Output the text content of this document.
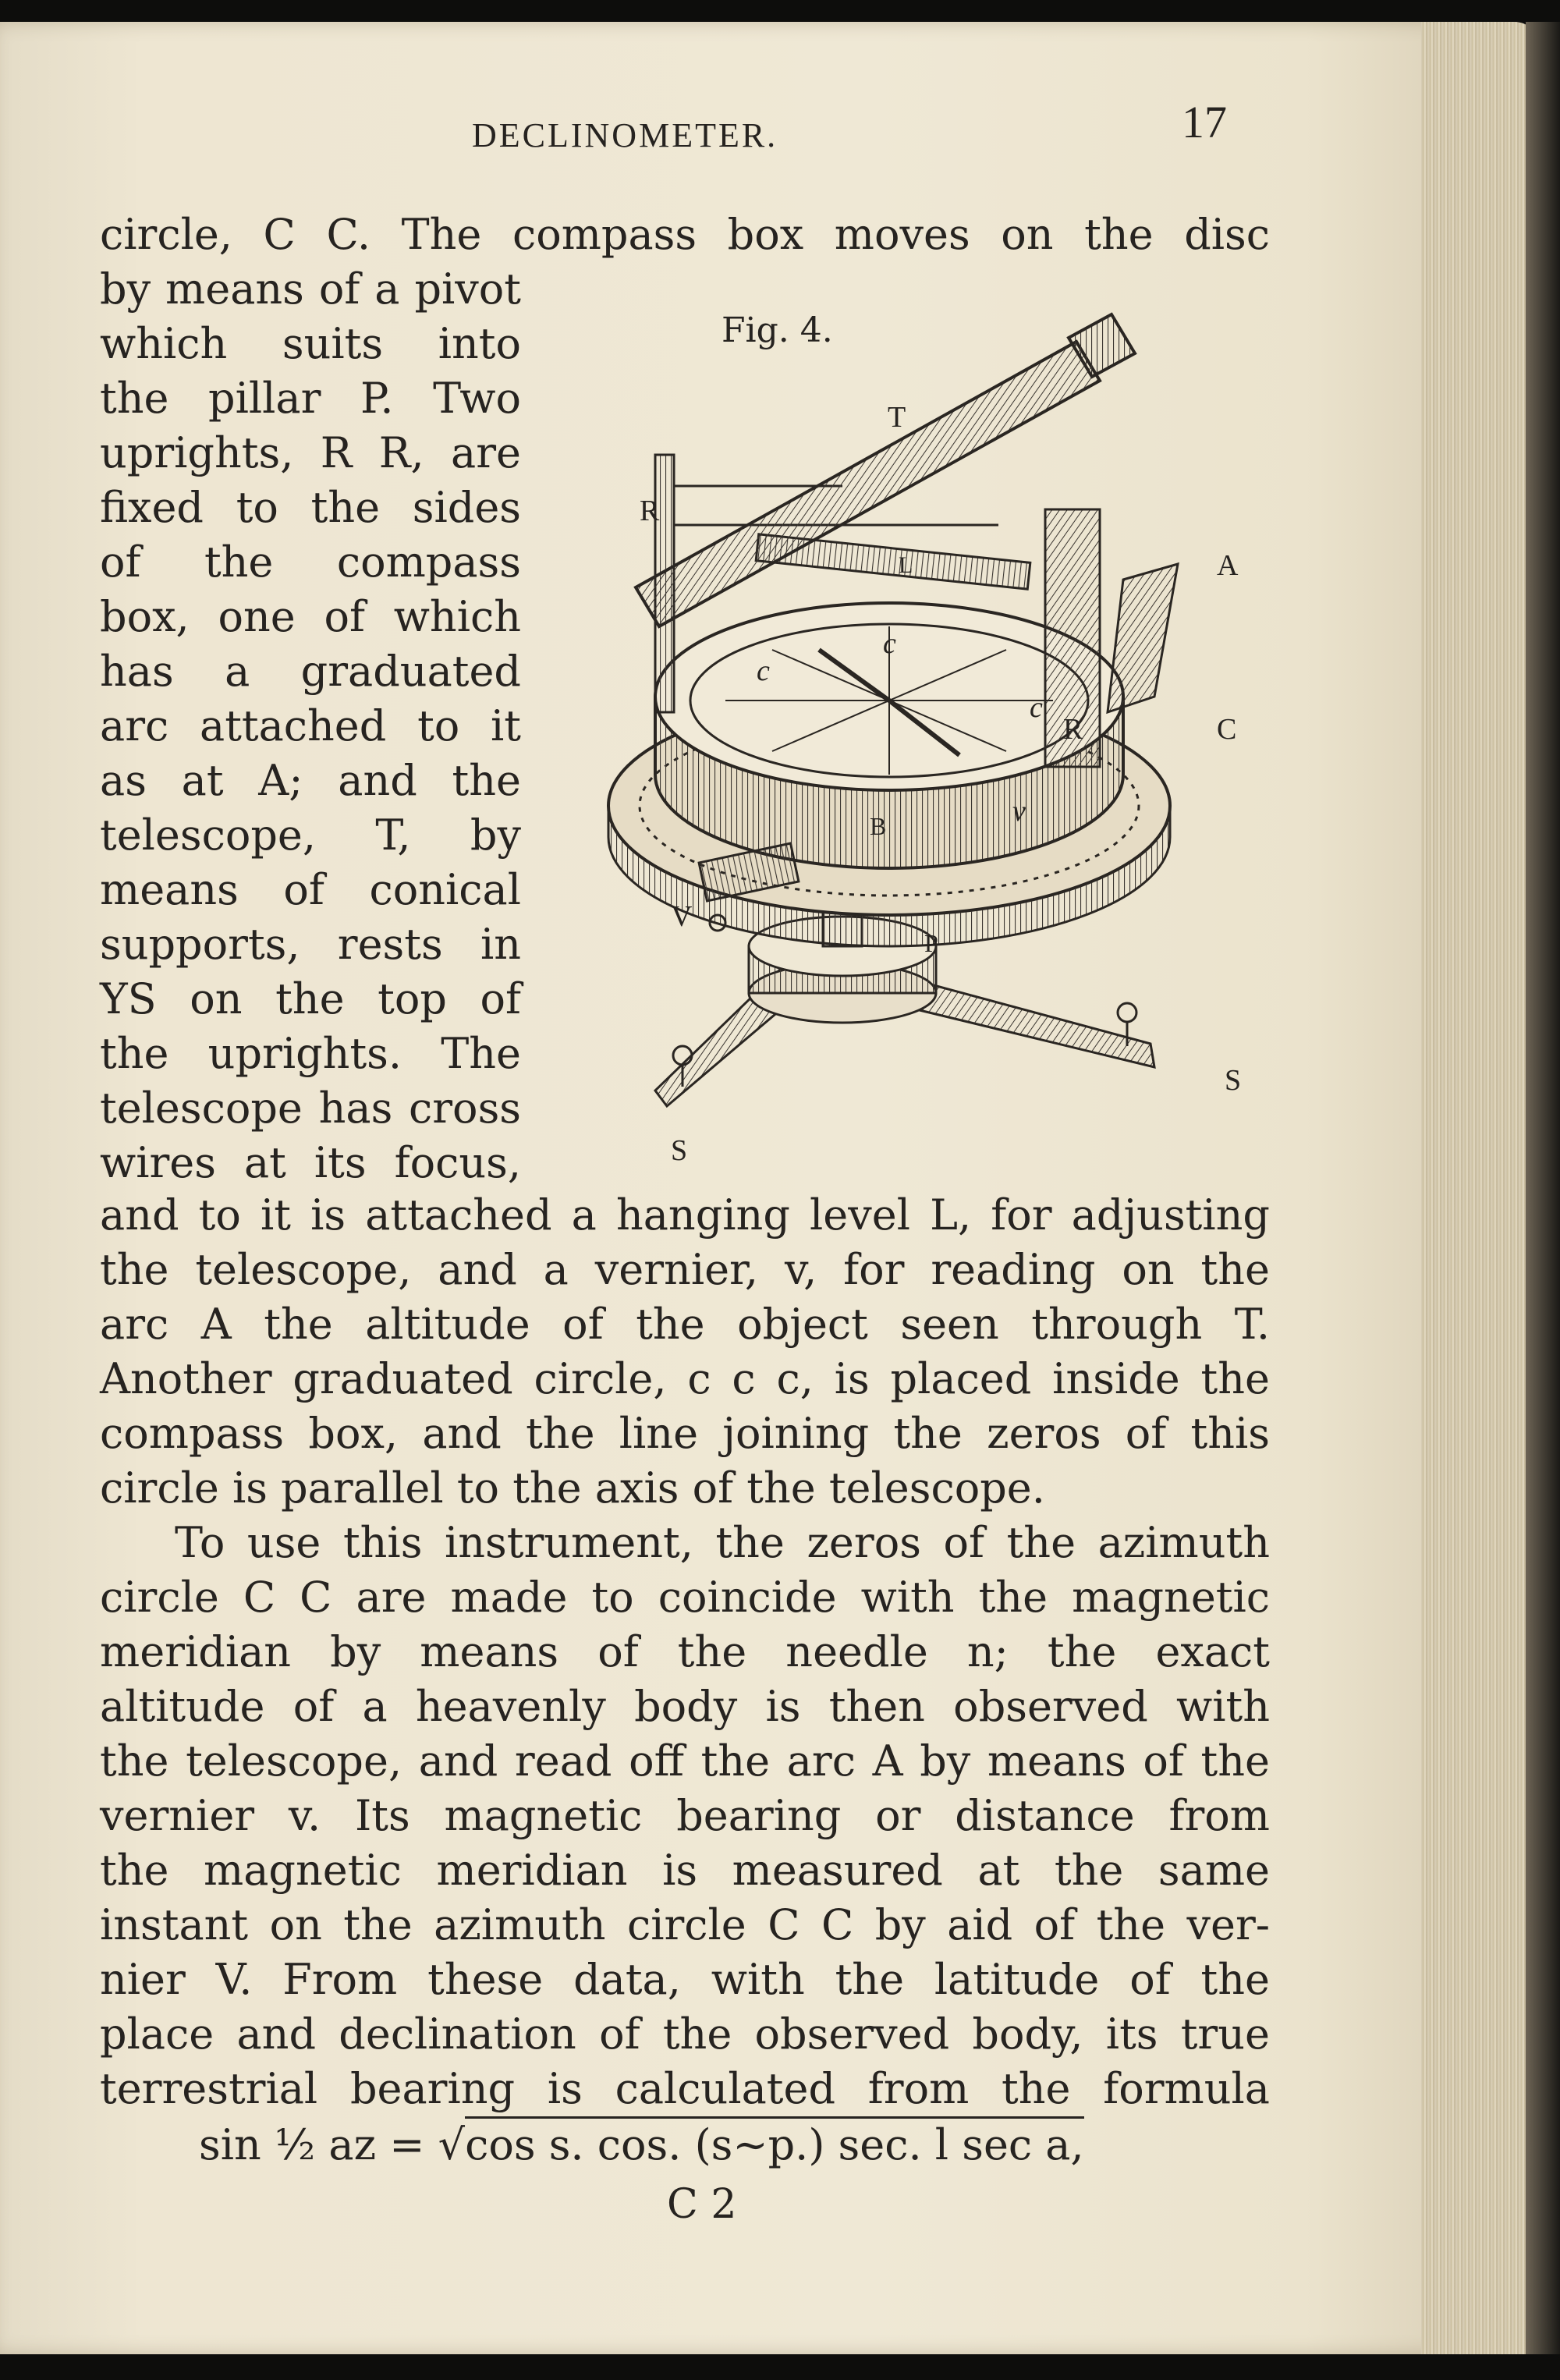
DECLINOMETER.	17
circle, C C. The compass box moves on the disc
by means of a pivot
which suits into
the pillar P. Two
uprights, R R, are
fixed to the sides
of the compass
box, one of which
has a graduated
arc attached to it
as at A; and the
telescope, T, by
means of conical
supports, rests in
YS on the top of
the uprights. The
telescope has cross
wires at its focus,
Fig. 4.
T
R
A
L
c
c
c
R	C
B	v
V
P
S
S
and to it is attached a hanging level L, for adjusting
the telescope, and a vernier, v, for reading on the
arc A the altitude of the object seen through T.
Another graduated circle, c c c, is placed inside the
compass box, and the line joining the zeros of this
circle is parallel to the axis of the telescope.
To use this instrument, the zeros of the azimuth
circle C C are made to coincide with the magnetic
meridian by means of the needle n; the exact
altitude of a heavenly body is then observed with
the telescope, and read off the arc A by means of the
vernier v. Its magnetic bearing or distance from
the magnetic meridian is measured at the same
instant on the azimuth circle C C by aid of the ver-
nier V. From these data, with the latitude of the
place and declination of the observed body, its true
terrestrial bearing is calculated from the formula
sin ½ az = √cos s. cos. (s∼p.) sec. l sec a,
C 2
